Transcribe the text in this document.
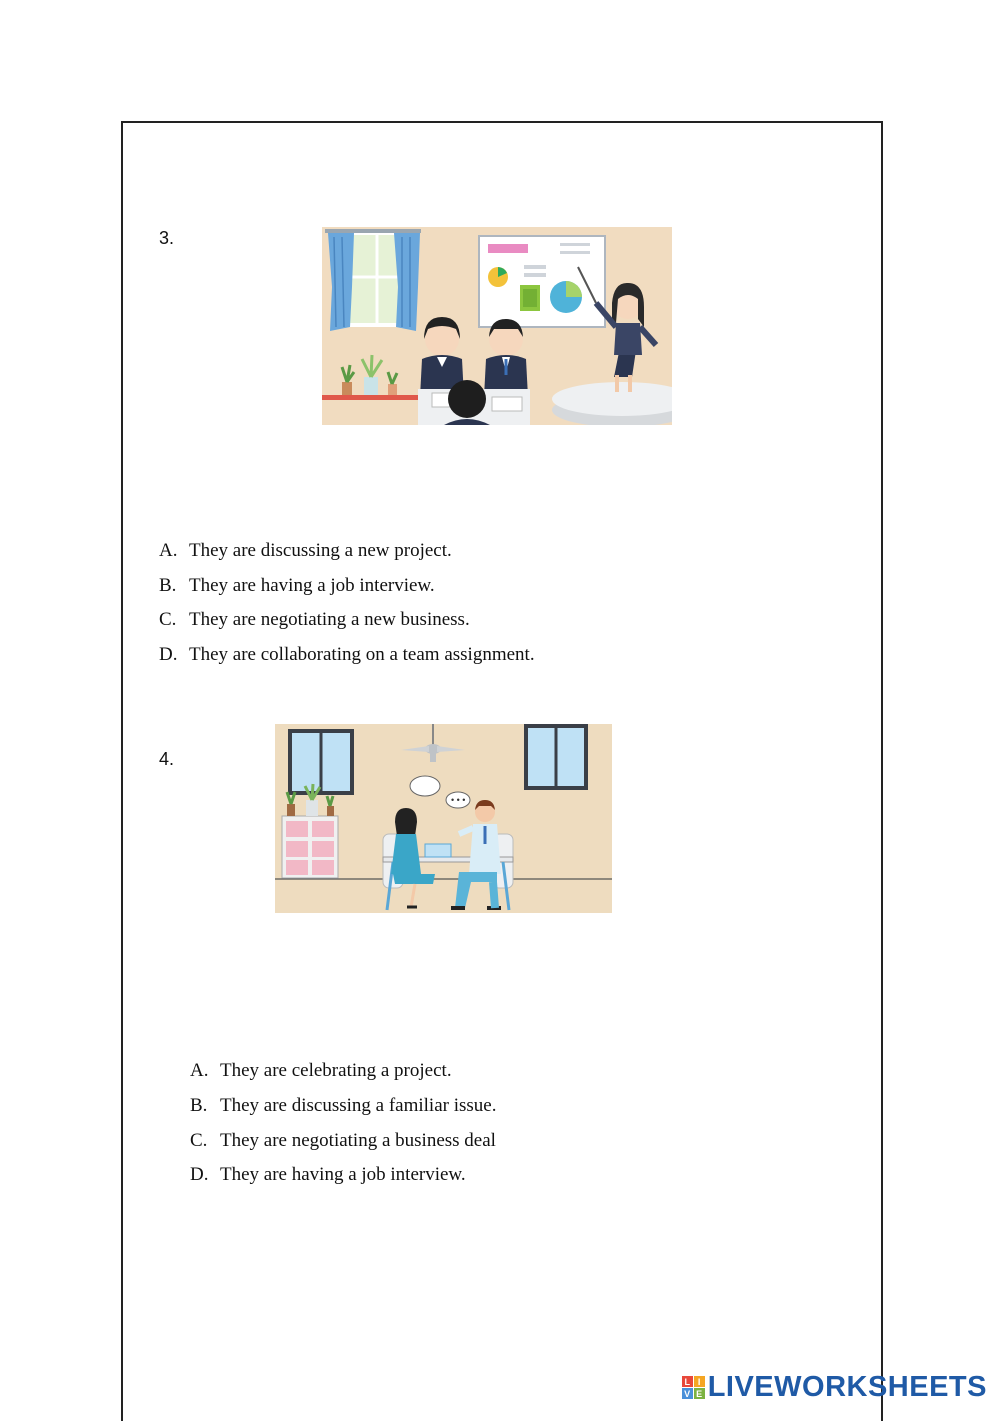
3.
A. They are discussing a new project.
B. They are having a job interview.
C. They are negotiating a new business.
D. They are collaborating on a team assignment.
4.
• • •
A. They are celebrating a project.
B. They are discussing a familiar issue.
C. They are negotiating a business deal
D. They are having a job interview.
L I
V E LIVEWORKSHEETS
